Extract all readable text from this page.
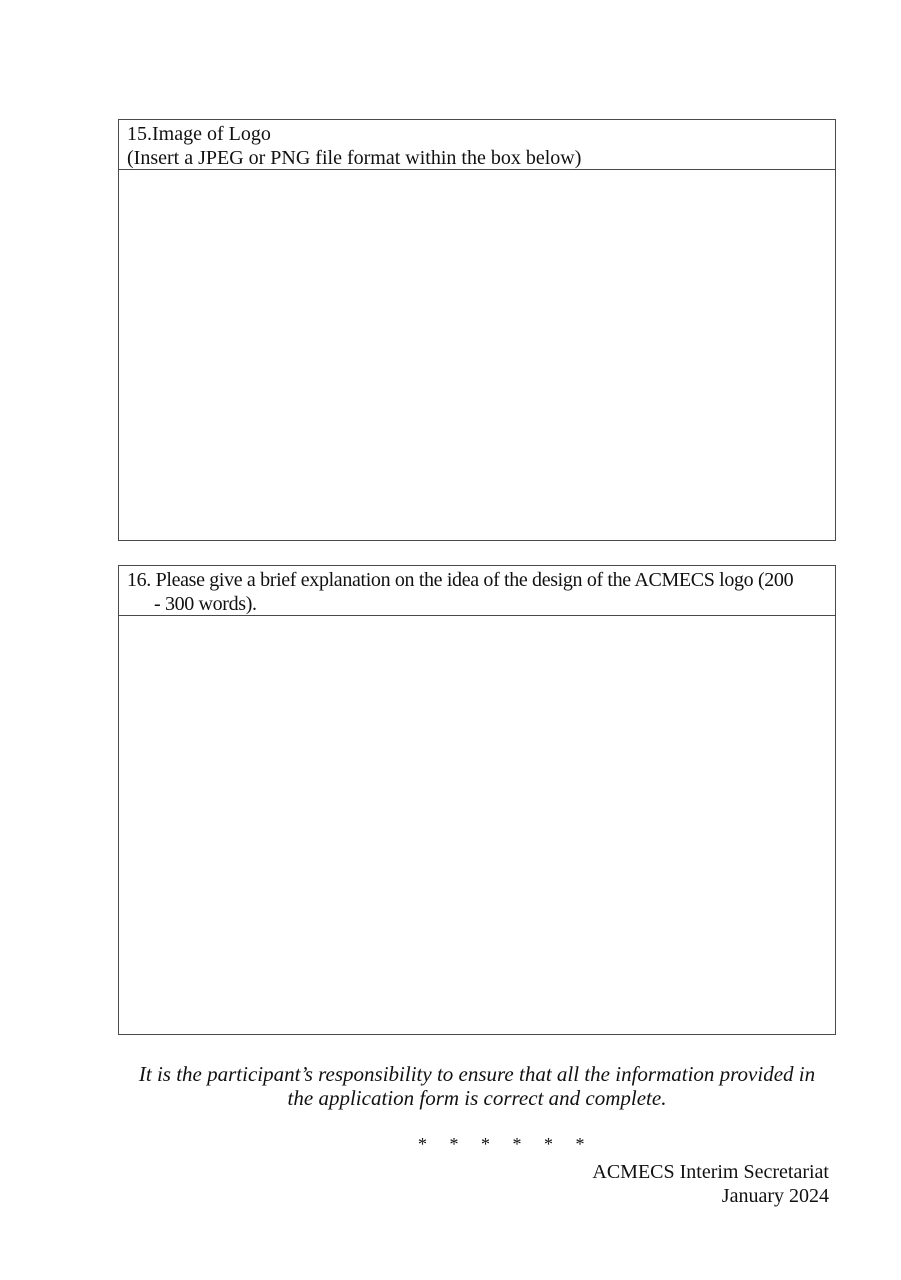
15.Image of Logo
(Insert a JPEG or PNG file format within the box below)
16. Please give a brief explanation on the idea of the design of the ACMECS logo (200
- 300 words).
It is the participant’s responsibility to ensure that all the information provided in
the application form is correct and complete.
* * * * * *
ACMECS Interim Secretariat
January 2024
